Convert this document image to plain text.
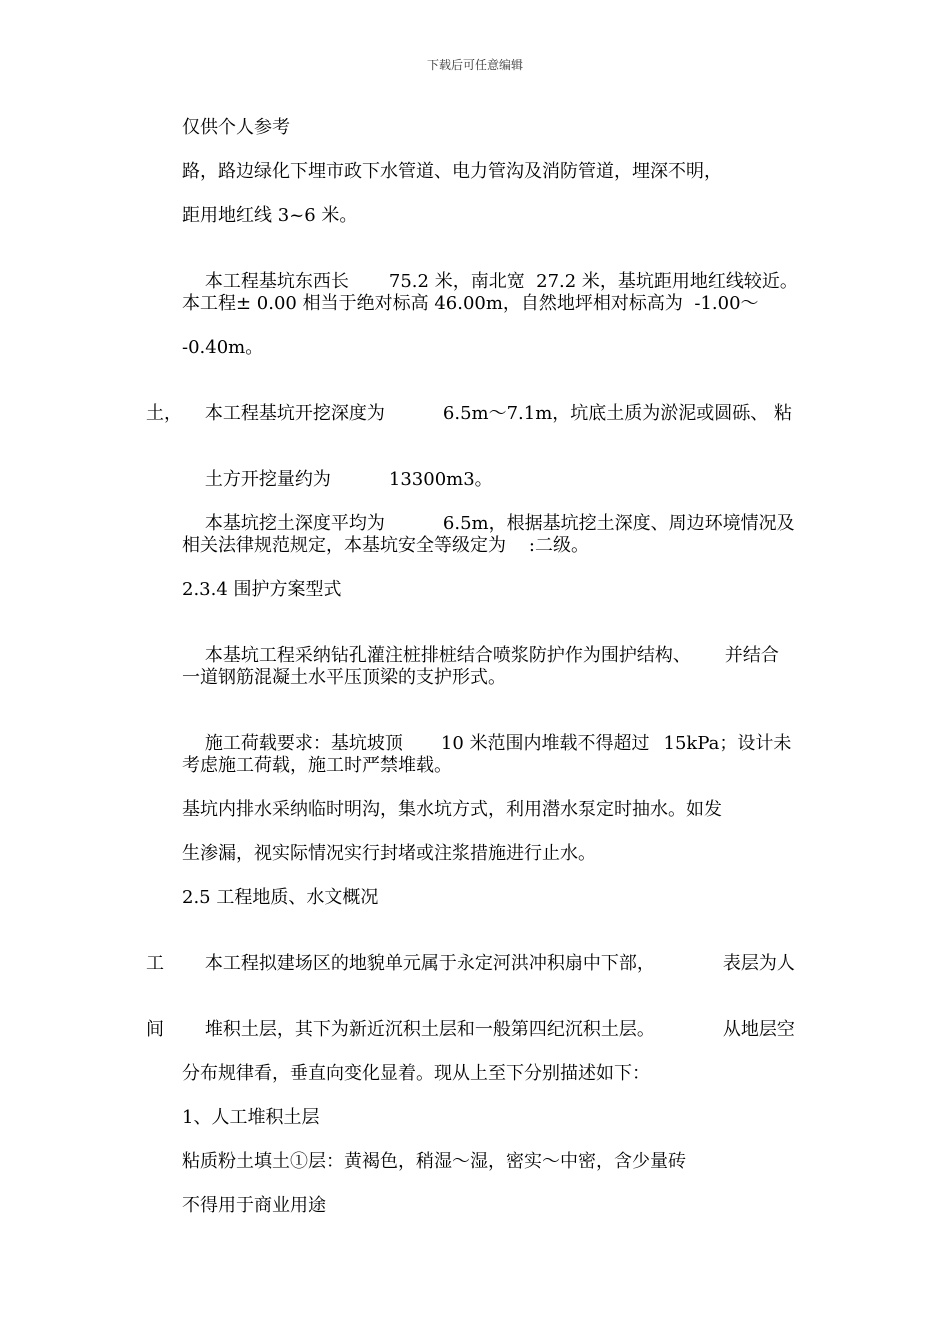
下载后可任意编辑
仅供个人参考
路，路边绿化下埋市政下水管道、电力管沟及消防管道，埋深不明，
距用地红线 3~6 米。

本工程基坑东西长 75.2 米，南北宽  27.2 米，基坑距用地红线较近。

本工程± 0.00 相当于绝对标高 46.00m，自然地坪相对标高为  -1.00～
-0.40m。

本工程基坑开挖深度为	6.5m～7.1m，坑底土质为淤泥或圆砾、 粘

土，

土方开挖量约为	13300m3。

本基坑挖土深度平均为	6.5m，根据基坑挖土深度、周边环境情况及

相关法律规范规定，本基坑安全等级定为    :二级。
2.3.4 围护方案型式

本基坑工程采纳钻孔灌注桩排桩结合喷浆防护作为围护结构、 并结合

一道钢筋混凝土水平压顶梁的支护形式。

施工荷载要求：基坑坡顶 10 米范围内堆载不得超过 15kPa；设计未

考虑施工荷载，施工时严禁堆载。
基坑内排水采纳临时明沟，集水坑方式，利用潜水泵定时抽水。如发
生渗漏，视实际情况实行封堵或注浆措施进行止水。
2.5 工程地质、水文概况

本工程拟建场区的地貌单元属于永定河洪冲积扇中下部，	表层为人

工

堆积土层，其下为新近沉积土层和一般第四纪沉积土层。	从地层空

间
分布规律看，垂直向变化显着。现从上至下分别描述如下：
1、人工堆积土层
粘质粉土填土①层：黄褐色，稍湿～湿，密实～中密，含少量砖
不得用于商业用途
